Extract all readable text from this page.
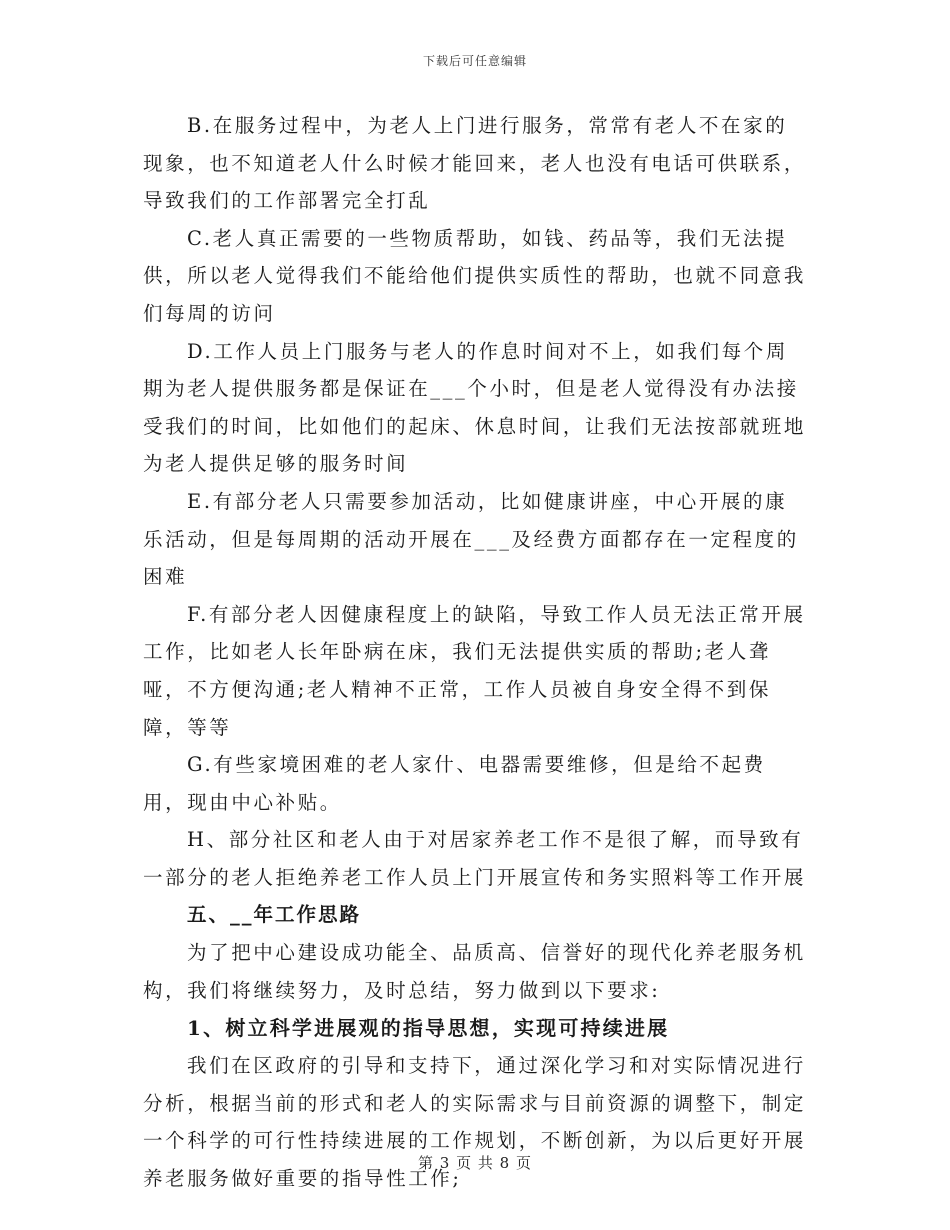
下载后可任意编辑

B.在服务过程中，为老人上门进行服务，常常有老人不在家的现象，也不知道老人什么时候才能回来，老人也没有电话可供联系，导致我们的工作部署完全打乱

C.老人真正需要的一些物质帮助，如钱、药品等，我们无法提供，所以老人觉得我们不能给他们提供实质性的帮助，也就不同意我们每周的访问

D.工作人员上门服务与老人的作息时间对不上，如我们每个周期为老人提供服务都是保证在___个小时，但是老人觉得没有办法接受我们的时间，比如他们的起床、休息时间，让我们无法按部就班地为老人提供足够的服务时间

E.有部分老人只需要参加活动，比如健康讲座，中心开展的康乐活动，但是每周期的活动开展在___及经费方面都存在一定程度的困难

F.有部分老人因健康程度上的缺陷，导致工作人员无法正常开展工作，比如老人长年卧病在床，我们无法提供实质的帮助;老人聋哑，不方便沟通;老人精神不正常，工作人员被自身安全得不到保障，等等

G.有些家境困难的老人家什、电器需要维修，但是给不起费用，现由中心补贴。

H、部分社区和老人由于对居家养老工作不是很了解，而导致有一部分的老人拒绝养老工作人员上门开展宣传和务实照料等工作开展

五、__年工作思路

为了把中心建设成功能全、品质高、信誉好的现代化养老服务机构，我们将继续努力，及时总结，努力做到以下要求:

1、树立科学进展观的指导思想，实现可持续进展

我们在区政府的引导和支持下，通过深化学习和对实际情况进行分析，根据当前的形式和老人的实际需求与目前资源的调整下，制定一个科学的可行性持续进展的工作规划，不断创新，为以后更好开展养老服务做好重要的指导性工作;

第 3 页 共 8 页
